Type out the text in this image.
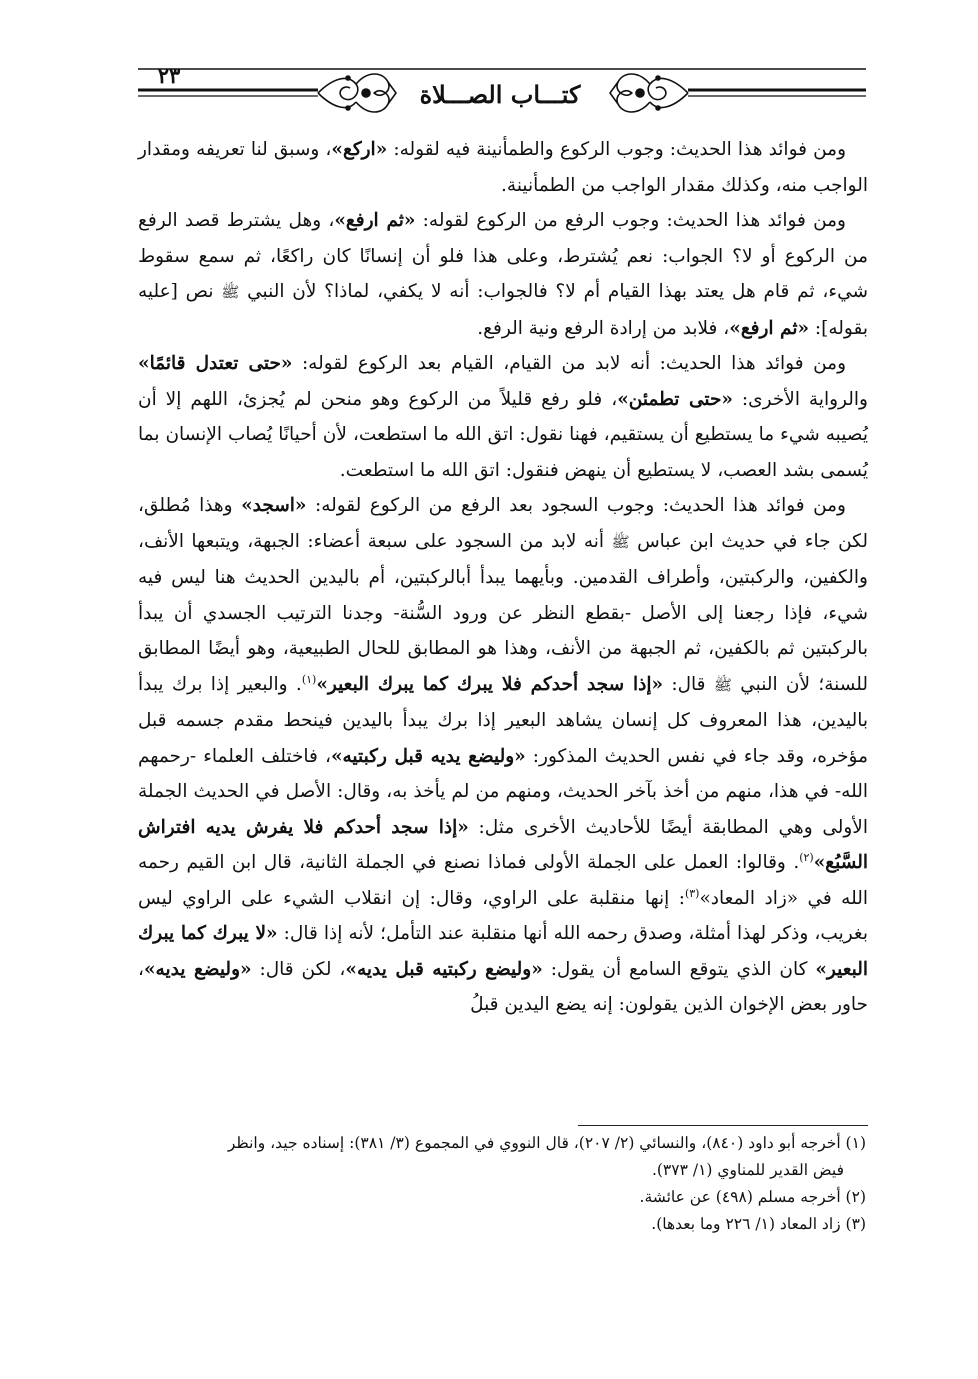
٢٣
كتـــاب الصـــلاة

ومن فوائد هذا الحديث: وجوب الركوع والطمأنينة فيه لقوله: «اركع»، وسبق لنا تعريفه ومقدار الواجب منه، وكذلك مقدار الواجب من الطمأنينة.

ومن فوائد هذا الحديث: وجوب الرفع من الركوع لقوله: «ثم ارفع»، وهل يشترط قصد الرفع من الركوع أو لا؟ الجواب: نعم يُشترط، وعلى هذا فلو أن إنسانًا كان راكعًا، ثم سمع سقوط شيء، ثم قام هل يعتد بهذا القيام أم لا؟ فالجواب: أنه لا يكفي، لماذا؟ لأن النبي ﷺ نص [عليه بقوله]: «ثم ارفع»، فلابد من إرادة الرفع ونية الرفع.

ومن فوائد هذا الحديث: أنه لابد من القيام، القيام بعد الركوع لقوله: «حتى تعتدل قائمًا» والرواية الأخرى: «حتى تطمئن»، فلو رفع قليلاً من الركوع وهو منحن لم يُجزئ، اللهم إلا أن يُصيبه شيء ما يستطيع أن يستقيم، فهنا نقول: اتق الله ما استطعت، لأن أحيانًا يُصاب الإنسان بما يُسمى بشد العصب، لا يستطيع أن ينهض فنقول: اتق الله ما استطعت.

ومن فوائد هذا الحديث: وجوب السجود بعد الرفع من الركوع لقوله: «اسجد» وهذا مُطلق، لكن جاء في حديث ابن عباس ﷺ أنه لابد من السجود على سبعة أعضاء: الجبهة، ويتبعها الأنف، والكفين، والركبتين، وأطراف القدمين. وبأيهما يبدأ أبالركبتين، أم باليدين الحديث هنا ليس فيه شيء، فإذا رجعنا إلى الأصل -بقطع النظر عن ورود السُّنة- وجدنا الترتيب الجسدي أن يبدأ بالركبتين ثم بالكفين، ثم الجبهة من الأنف، وهذا هو المطابق للحال الطبيعية، وهو أيضًا المطابق للسنة؛ لأن النبي ﷺ قال: «إذا سجد أحدكم فلا يبرك كما يبرك البعير»$^{(١)}$. والبعير إذا برك يبدأ باليدين، هذا المعروف كل إنسان يشاهد البعير إذا برك يبدأ باليدين فينحط مقدم جسمه قبل مؤخره، وقد جاء في نفس الحديث المذكور: «وليضع يديه قبل ركبتيه»، فاختلف العلماء -رحمهم الله- في هذا، منهم من أخذ بآخر الحديث، ومنهم من لم يأخذ به، وقال: الأصل في الحديث الجملة الأولى وهي المطابقة أيضًا للأحاديث الأخرى مثل: «إذا سجد أحدكم فلا يفرش يديه افتراش السَّبُع»$^{(٢)}$. وقالوا: العمل على الجملة الأولى فماذا نصنع في الجملة الثانية، قال ابن القيم رحمه الله في «زاد المعاد»$^{(٣)}$: إنها منقلبة على الراوي، وقال: إن انقلاب الشيء على الراوي ليس بغريب، وذكر لهذا أمثلة، وصدق رحمه الله أنها منقلبة عند التأمل؛ لأنه إذا قال: «لا يبرك كما يبرك البعير» كان الذي يتوقع السامع أن يقول: «وليضع ركبتيه قبل يديه»، لكن قال: «وليضع يديه»، حاور بعض الإخوان الذين يقولون: إنه يضع اليدين قبلُ

(١) أخرجه أبو داود (٨٤٠)، والنسائي (٢/ ٢٠٧)، قال النووي في المجموع (٣/ ٣٨١): إسناده جيد، وانظر
فيض القدير للمناوي (١/ ٣٧٣).

(٢) أخرجه مسلم (٤٩٨) عن عائشة.

(٣) زاد المعاد (١/ ٢٢٦ وما بعدها).
